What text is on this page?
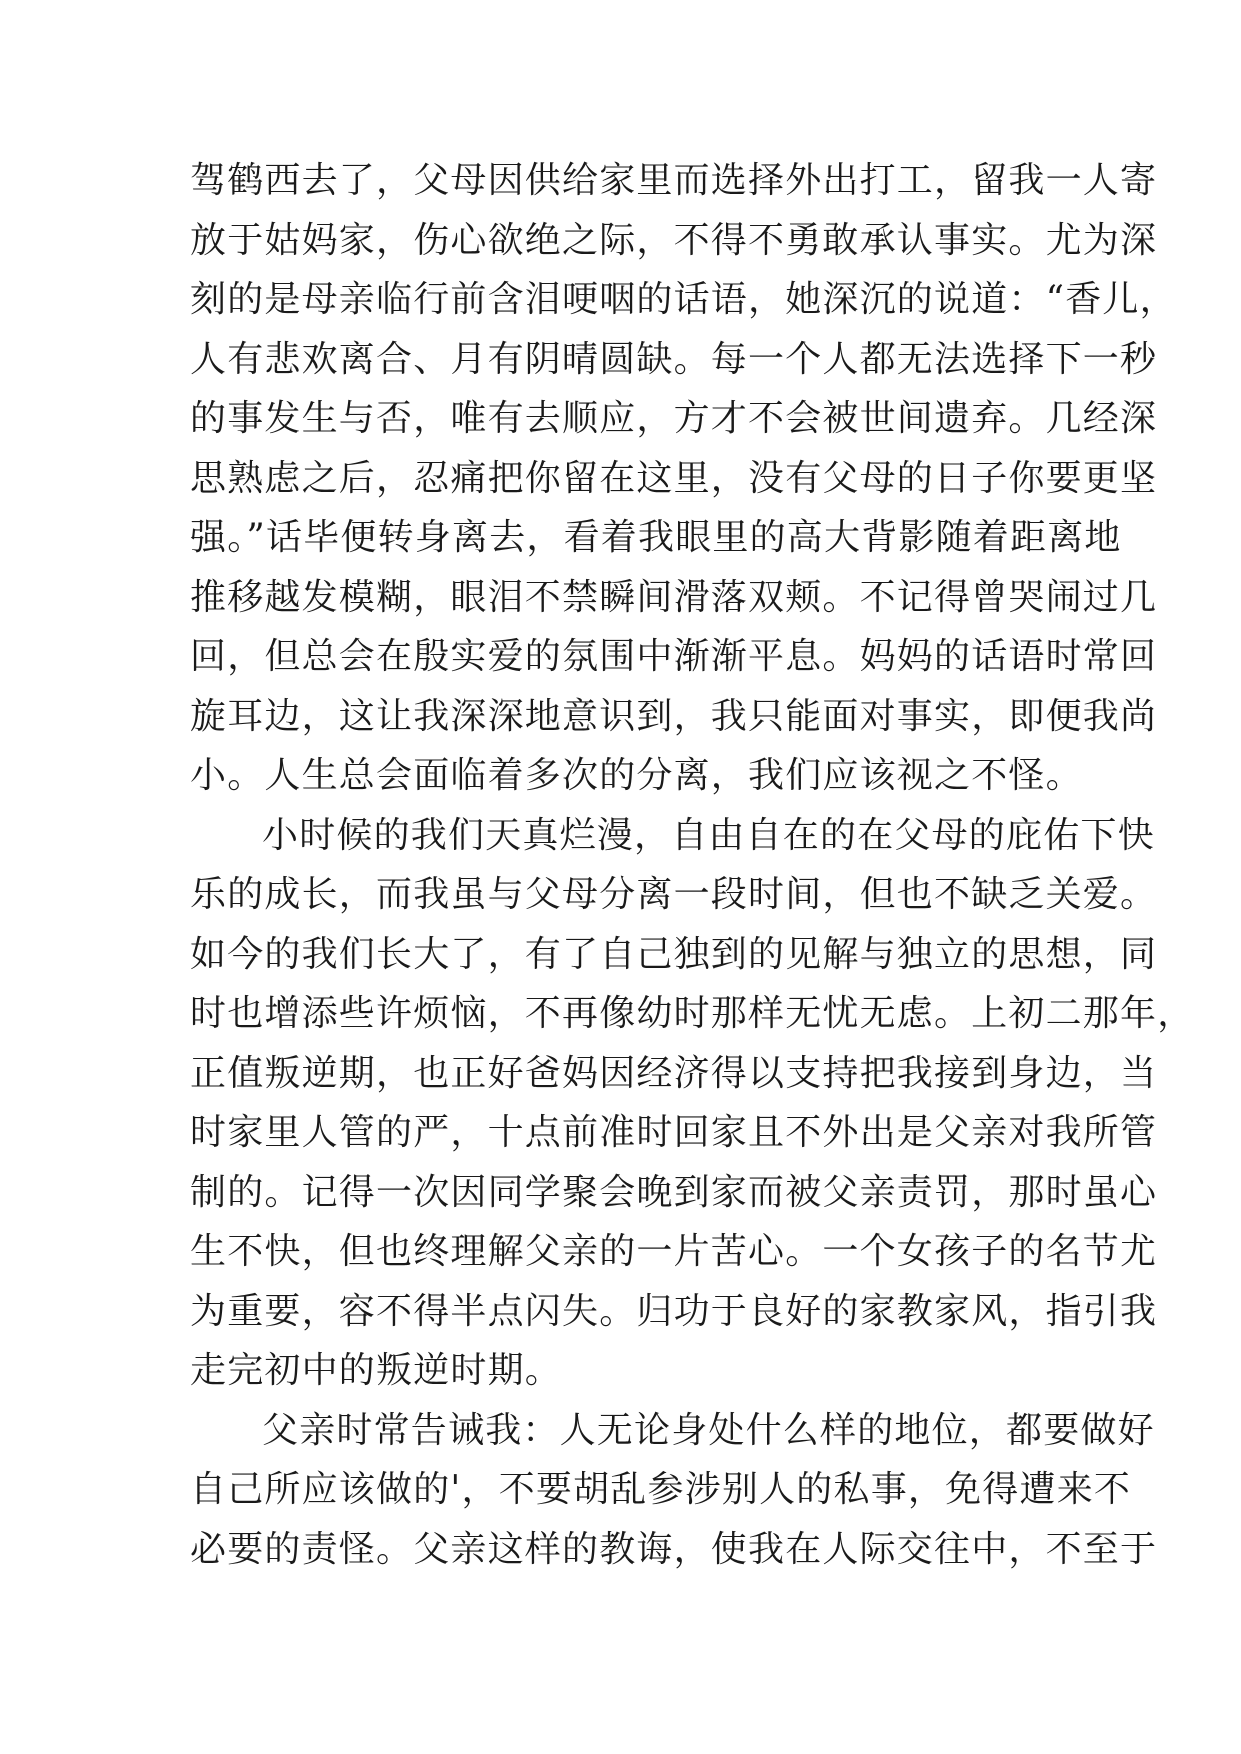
驾鹤西去了，父母因供给家里而选择外出打工，留我一人寄
放于姑妈家，伤心欲绝之际，不得不勇敢承认事实。尤为深
刻的是母亲临行前含泪哽咽的话语，她深沉的说道：“香儿，
人有悲欢离合、月有阴晴圆缺。每一个人都无法选择下一秒
的事发生与否，唯有去顺应，方才不会被世间遗弃。几经深
思熟虑之后，忍痛把你留在这里，没有父母的日子你要更坚
强。”话毕便转身离去，看着我眼里的高大背影随着距离地
推移越发模糊，眼泪不禁瞬间滑落双颊。不记得曾哭闹过几
回，但总会在殷实爱的氛围中渐渐平息。妈妈的话语时常回
旋耳边，这让我深深地意识到，我只能面对事实，即便我尚
小。人生总会面临着多次的分离，我们应该视之不怪。
小时候的我们天真烂漫，自由自在的在父母的庇佑下快
乐的成长，而我虽与父母分离一段时间，但也不缺乏关爱。
如今的我们长大了，有了自己独到的见解与独立的思想，同
时也增添些许烦恼，不再像幼时那样无忧无虑。上初二那年，
正值叛逆期，也正好爸妈因经济得以支持把我接到身边，当
时家里人管的严，十点前准时回家且不外出是父亲对我所管
制的。记得一次因同学聚会晚到家而被父亲责罚，那时虽心
生不快，但也终理解父亲的一片苦心。一个女孩子的名节尤
为重要，容不得半点闪失。归功于良好的家教家风，指引我
走完初中的叛逆时期。
父亲时常告诫我：人无论身处什么样的地位，都要做好
自己所应该做的'，不要胡乱参涉别人的私事，免得遭来不
必要的责怪。父亲这样的教诲，使我在人际交往中，不至于
